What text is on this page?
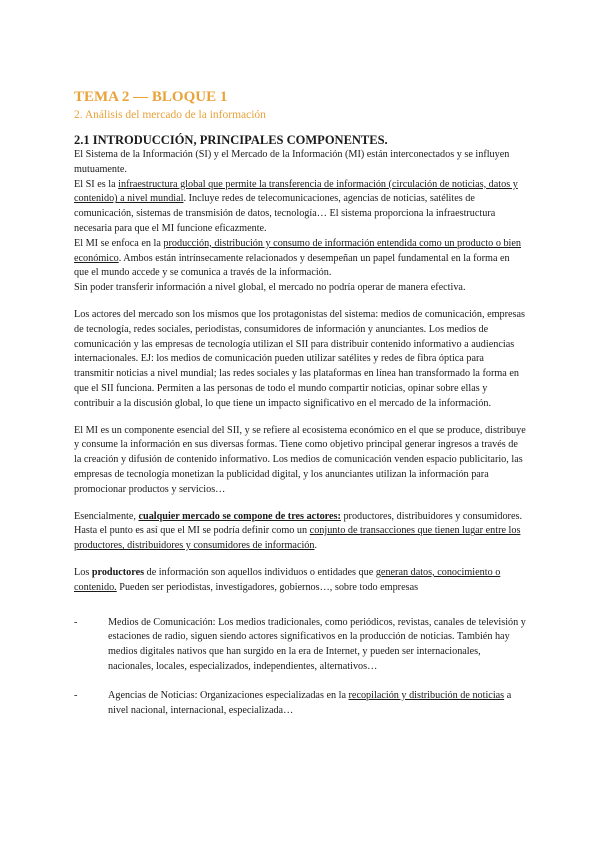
TEMA 2 — BLOQUE 1
2. Análisis del mercado de la información
2.1 INTRODUCCIÓN, PRINCIPALES COMPONENTES.

El Sistema de la Información (SI) y el Mercado de la Información (MI) están interconectados y se influyen mutuamente.

El SI es la infraestructura global que permite la transferencia de información (circulación de noticias, datos y contenido) a nivel mundial. Incluye redes de telecomunicaciones, agencias de noticias, satélites de comunicación, sistemas de transmisión de datos, tecnología… El sistema proporciona la infraestructura necesaria para que el MI funcione eficazmente.

El MI se enfoca en la producción, distribución y consumo de información entendida como un producto o bien económico. Ambos están intrínsecamente relacionados y desempeñan un papel fundamental en la forma en que el mundo accede y se comunica a través de la información.

Sin poder transferir información a nivel global, el mercado no podría operar de manera efectiva.

Los actores del mercado son los mismos que los protagonistas del sistema: medios de comunicación, empresas de tecnología, redes sociales, periodistas, consumidores de información y anunciantes. Los medios de comunicación y las empresas de tecnología utilizan el SII para distribuir contenido informativo a audiencias internacionales. EJ: los medios de comunicación pueden utilizar satélites y redes de fibra óptica para transmitir noticias a nivel mundial; las redes sociales y las plataformas en línea han transformado la forma en que el SII funciona. Permiten a las personas de todo el mundo compartir noticias, opinar sobre ellas y contribuir a la discusión global, lo que tiene un impacto significativo en el mercado de la información.

El MI es un componente esencial del SII, y se refiere al ecosistema económico en el que se produce, distribuye y consume la información en sus diversas formas. Tiene como objetivo principal generar ingresos a través de la creación y difusión de contenido informativo. Los medios de comunicación venden espacio publicitario, las empresas de tecnología monetizan la publicidad digital, y los anunciantes utilizan la información para promocionar productos y servicios…

Esencialmente, cualquier mercado se compone de tres actores: productores, distribuidores y consumidores. Hasta el punto es así que el MI se podría definir como un conjunto de transacciones que tienen lugar entre los productores, distribuidores y consumidores de información.

Los productores de información son aquellos individuos o entidades que generan datos, conocimiento o contenido. Pueden ser periodistas, investigadores, gobiernos…, sobre todo empresas

-	Medios de Comunicación: Los medios tradicionales, como periódicos, revistas, canales de televisión y estaciones de radio, siguen siendo actores significativos en la producción de noticias. También hay medios digitales nativos que han surgido en la era de Internet, y pueden ser internacionales, nacionales, locales, especializados, independientes, alternativos…
-	Agencias de Noticias: Organizaciones especializadas en la recopilación y distribución de noticias a nivel nacional, internacional, especializada…
